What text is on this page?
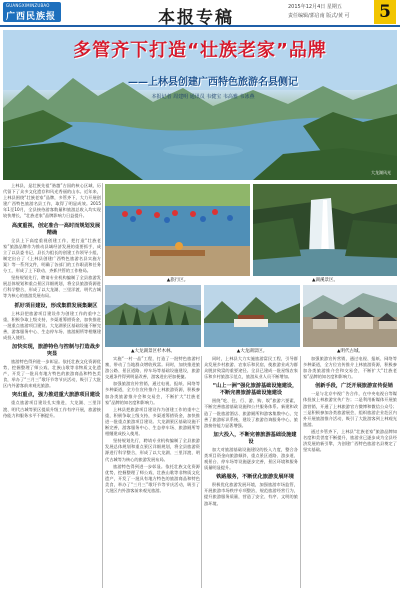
GUANGXIMINZUBAO
广西民族报	本报专稿
2015年12月4日 星期五
责任编辑/郭启南 版式/黄 可	5
多管齐下打造“壮族老家”品牌
——上林县创建广西特色旅游名县侧记
本报记者 周建明 通讯员 韦健宝 韦高雅 韦冰燕
大龙湖风光

上林县，是壮族先祖“骆越”古国的核心区域，历代留下了众多文化遗存和风光秀丽的山水。近年来，上林县围绕“壮族老家”品牌，多管齐下，大力开展创建广西特色旅游名县工作，取得了明显成效。2015年1至10月，全县接待游客数量和旅游总收入均实现较快增长，“壮族老家”品牌影响力日益提升。

高度重视，创定准合一高时而规划发展精确

全县上下高度重视创建工作，把打造“壮族老家”旅游品牌作为推动县域经济发展的重要抓手，成立了以县委书记、县长为组长的创建工作领导小组，制定出台了《上林县创建广西特色旅游名县实施方案》等一系列文件，明确了各部门的工作职责和任务分工，形成了上下联动、齐抓共管的工作格局。

坚持规划先行，聘请专业机构编制了全县旅游发展总体规划和重点景区详细规划，将全县旅游资源进行科学整合，形成了以大龙湖、三里洋渡、明代古城等为核心的旅游发展布局。

抓好项目建设，形成集群发展集聚区

上林县把旅游项目建设作为创建工作的重中之重，积极争取上级支持，多渠道筹措资金，加快推进一批重点旅游项目建设。大龙湖景区基础设施不断完善，游客服务中心、生态停车场、旅游厕所等相继建成投入使用。

加快实现，旅游特色与控制与打造战步突显

旅游特色得到进一步彰显。依托壮族文化资源优势，挖掘整理了师公戏、壮族山歌等非物质文化遗产，开发了一批具有地方特色的旅游商品和特色美食，举办了“三月三”歌圩节等节庆活动，吸引了大批区内外游客前来观光旅游。

突出重点，强力推进重大旅游项目建设

重点旅游项目建设扎实推进，大龙湖、三里洋渡、明代古城等景区提质升级工作有序开展，旅游接待能力和服务水平不断提升。

▲旅行区。	▲湖溪景区。
▲大龙湖景区杉木林。	▲大龙湖景区。	▲明代古城。

实施“一村一品”工程，打造了一批特色旅游村寨，带动了当地群众增收致富。同时，加快推进旅游公路、景区道路、停车场等基础设施建设，旅游交通条件得到明显改善，游客进出更加便捷。

加强旅游宣传营销，通过电视、报纸、网络等多种渠道，全方位宣传推介上林旅游资源，积极参加各类旅游推介会和交易会，不断扩大“壮族老家”品牌的知名度和影响力。

上林县把旅游项目建设作为创建工作的重中之重，积极争取上级支持，多渠道筹措资金，加快推进一批重点旅游项目建设。大龙湖景区基础设施不断完善，游客服务中心、生态停车场、旅游厕所等相继建成投入使用。

坚持规划先行，聘请专业机构编制了全县旅游发展总体规划和重点景区详细规划，将全县旅游资源进行科学整合，形成了以大龙湖、三里洋渡、明代古城等为核心的旅游发展布局。

旅游特色得到进一步彰显。依托壮族文化资源优势，挖掘整理了师公戏、壮族山歌等非物质文化遗产，开发了一批具有地方特色的旅游商品和特色美食，举办了“三月三”歌圩节等节庆活动，吸引了大批区内外游客前来观光旅游。

同时，上林县大力实施旅游富民工程，引导群众发展乡村旅游、农家乐和民宿，使旅游业成为群众脱贫致富的重要途径。全县已建成一批星级农家乐和乡村旅游示范点，旅游从业人员不断增加。

“山上一洲”强化旅游基础设施建设，不断完善旅游基础设施建设

围绕“吃、住、行、游、购、娱”旅游六要素，不断完善旅游基础设施和公共服务体系。新建和改造了一批旅游酒店、旅游厕所和游客集散中心，完善了旅游标识系统，建设了旅游咨询服务中心，旅游接待能力显著增强。

加大投入，不断完善旅游基础设施建设

加大对旅游基础设施建设的投入力度，整合各类项目资金向旅游倾斜，重点景区道路、游步道、观景台、停车场等设施逐步完善，景区环境和服务质量明显提升。

铁路服务，不断优化旅游发展环境

积极优化旅游发展环境，加强旅游市场监管，开展旅游市场秩序专项整治，规范旅游经营行为，提升旅游服务质量，营造了安全、有序、文明的旅游环境。

加强旅游宣传营销，通过电视、报纸、网络等多种渠道，全方位宣传推介上林旅游资源，积极参加各类旅游推介会和交易会，不断扩大“壮族老家”品牌的知名度和影响力。

创新手段，广泛开展旅游宣传促销

一是与北京中视广告合作，在中央电视台等媒体投放上林旅游宣传广告；二是利用新媒体开展旅游营销，开通了上林旅游官方微博和微信公众号；三是积极参加各类旅游展会，组织旅游企业赴区内外开展旅游推介活动，吸引了大批游客到上林观光旅游。

通过多管齐下，上林县“壮族老家”旅游品牌知名度和美誉度不断提升，旅游业已逐步成为全县经济发展的新引擎，为创建广西特色旅游名县奠定了坚实基础。
